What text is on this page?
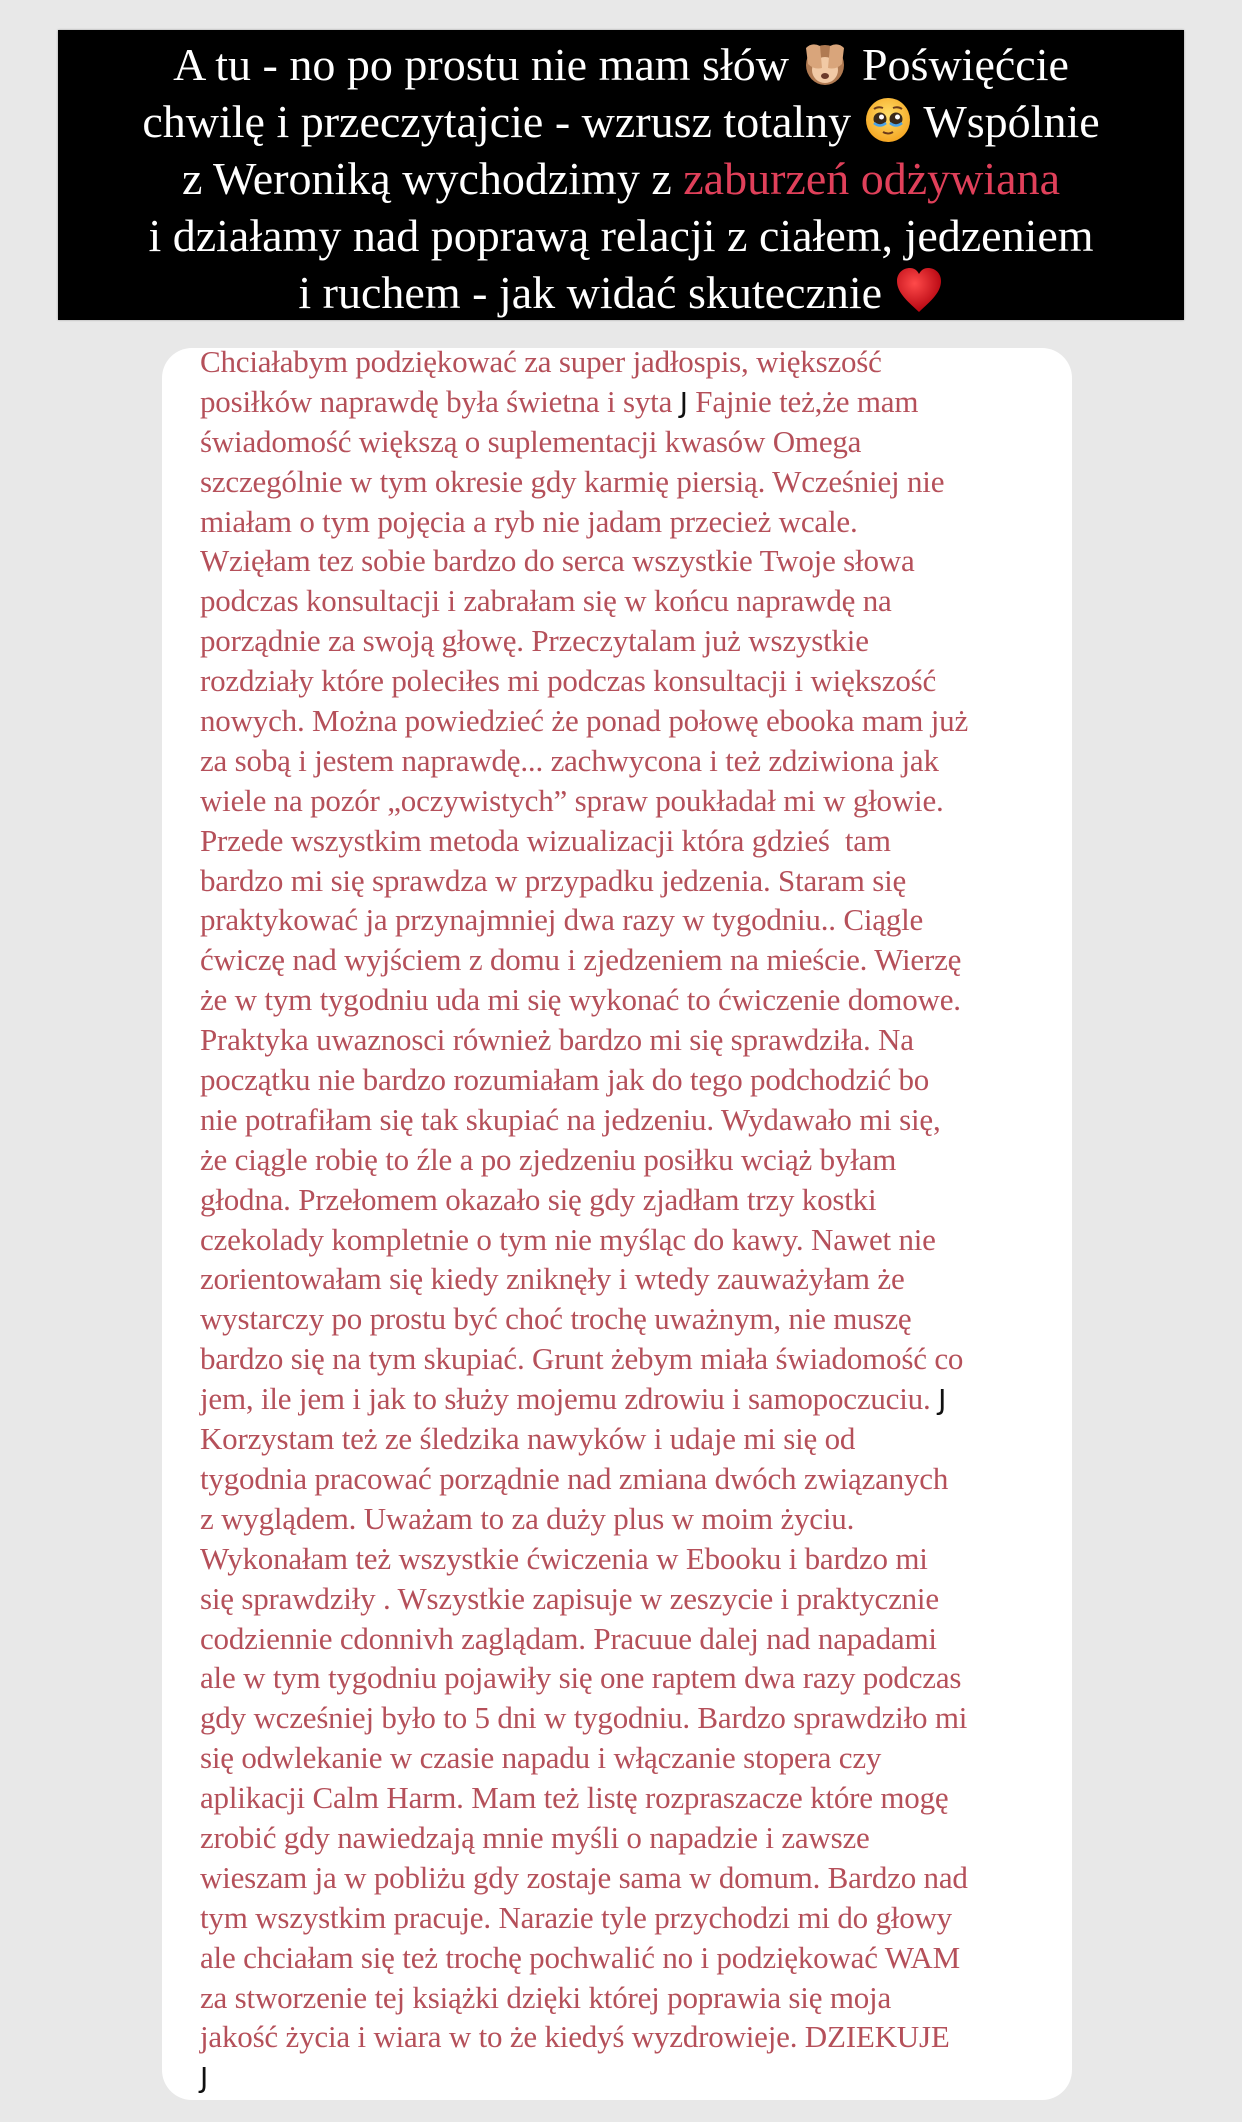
A tu - no po prostu nie mam słów
Poświęćcie
chwilę i przeczytajcie - wzrusz totalny
Wspólnie
z Weroniką wychodzimy z zaburzeń odżywiana
i działamy nad poprawą relacji z ciałem, jedzeniem
i ruchem - jak widać skutecznie
Chciałabym podziękować za super jadłospis, większość
posiłków naprawdę była świetna i syta J Fajnie też,że mam
świadomość większą o suplementacji kwasów Omega
szczególnie w tym okresie gdy karmię piersią. Wcześniej nie
miałam o tym pojęcia a ryb nie jadam przecież wcale.
Wzięłam tez sobie bardzo do serca wszystkie Twoje słowa
podczas konsultacji i zabrałam się w końcu naprawdę na
porządnie za swoją głowę. Przeczytalam już wszystkie
rozdziały które poleciłes mi podczas konsultacji i większość
nowych. Można powiedzieć że ponad połowę ebooka mam już
za sobą i jestem naprawdę... zachwycona i też zdziwiona jak
wiele na pozór „oczywistych” spraw poukładał mi w głowie.
Przede wszystkim metoda wizualizacji która gdzieś  tam
bardzo mi się sprawdza w przypadku jedzenia. Staram się
praktykować ja przynajmniej dwa razy w tygodniu.. Ciągle
ćwiczę nad wyjściem z domu i zjedzeniem na mieście. Wierzę
że w tym tygodniu uda mi się wykonać to ćwiczenie domowe.
Praktyka uwaznosci również bardzo mi się sprawdziła. Na
początku nie bardzo rozumiałam jak do tego podchodzić bo
nie potrafiłam się tak skupiać na jedzeniu. Wydawało mi się,
że ciągle robię to źle a po zjedzeniu posiłku wciąż byłam
głodna. Przełomem okazało się gdy zjadłam trzy kostki
czekolady kompletnie o tym nie myśląc do kawy. Nawet nie
zorientowałam się kiedy zniknęły i wtedy zauważyłam że
wystarczy po prostu być choć trochę uważnym, nie muszę
bardzo się na tym skupiać. Grunt żebym miała świadomość co
jem, ile jem i jak to służy mojemu zdrowiu i samopoczuciu. J
Korzystam też ze śledzika nawyków i udaje mi się od
tygodnia pracować porządnie nad zmiana dwóch związanych
z wyglądem. Uważam to za duży plus w moim życiu.
Wykonałam też wszystkie ćwiczenia w Ebooku i bardzo mi
się sprawdziły . Wszystkie zapisuje w zeszycie i praktycznie
codziennie cdonnivh zaglądam. Pracuue dalej nad napadami
ale w tym tygodniu pojawiły się one raptem dwa razy podczas
gdy wcześniej było to 5 dni w tygodniu. Bardzo sprawdziło mi
się odwlekanie w czasie napadu i włączanie stopera czy
aplikacji Calm Harm. Mam też listę rozpraszacze które mogę
zrobić gdy nawiedzają mnie myśli o napadzie i zawsze
wieszam ja w pobliżu gdy zostaje sama w domum. Bardzo nad
tym wszystkim pracuje. Narazie tyle przychodzi mi do głowy
ale chciałam się też trochę pochwalić no i podziękować WAM
za stworzenie tej książki dzięki której poprawia się moja
jakość życia i wiara w to że kiedyś wyzdrowieje. DZIEKUJE
J
